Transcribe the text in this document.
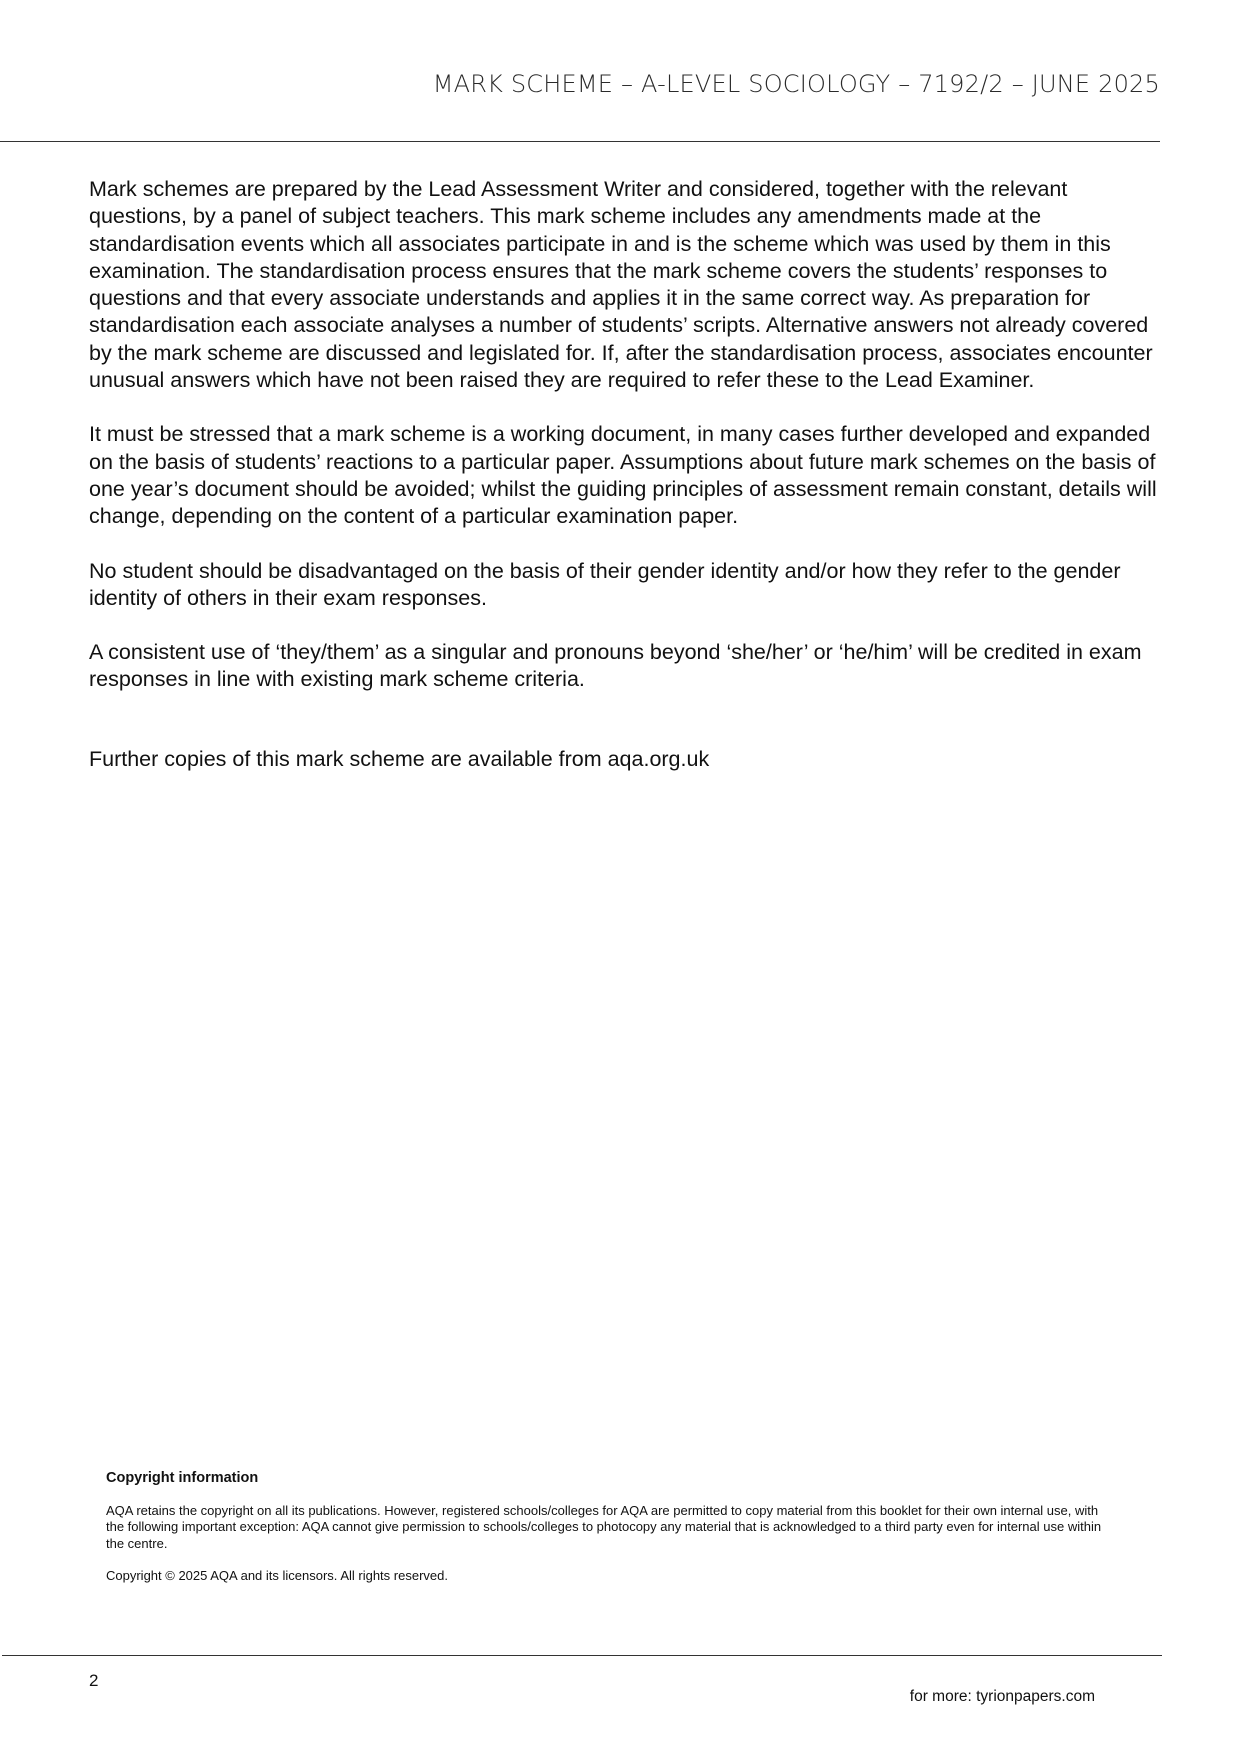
MARK SCHEME – A-LEVEL SOCIOLOGY – 7192/2 – JUNE 2025

Mark schemes are prepared by the Lead Assessment Writer and considered, together with the relevant questions, by a panel of subject teachers. This mark scheme includes any amendments made at the standardisation events which all associates participate in and is the scheme which was used by them in this examination. The standardisation process ensures that the mark scheme covers the students’ responses to questions and that every associate understands and applies it in the same correct way. As preparation for standardisation each associate analyses a number of students’ scripts. Alternative answers not already covered by the mark scheme are discussed and legislated for. If, after the standardisation process, associates encounter unusual answers which have not been raised they are required to refer these to the Lead Examiner.

It must be stressed that a mark scheme is a working document, in many cases further developed and expanded on the basis of students’ reactions to a particular paper. Assumptions about future mark schemes on the basis of one year’s document should be avoided; whilst the guiding principles of assessment remain constant, details will change, depending on the content of a particular examination paper.

No student should be disadvantaged on the basis of their gender identity and/or how they refer to the gender identity of others in their exam responses.

A consistent use of ‘they/them’ as a singular and pronouns beyond ‘she/her’ or ‘he/him’ will be credited in exam responses in line with existing mark scheme criteria.

Further copies of this mark scheme are available from aqa.org.uk

Copyright information

AQA retains the copyright on all its publications. However, registered schools/colleges for AQA are permitted to copy material from this booklet for their own internal use, with the following important exception: AQA cannot give permission to schools/colleges to photocopy any material that is acknowledged to a third party even for internal use within the centre.

Copyright © 2025 AQA and its licensors. All rights reserved.

2
for more: tyrionpapers.com
